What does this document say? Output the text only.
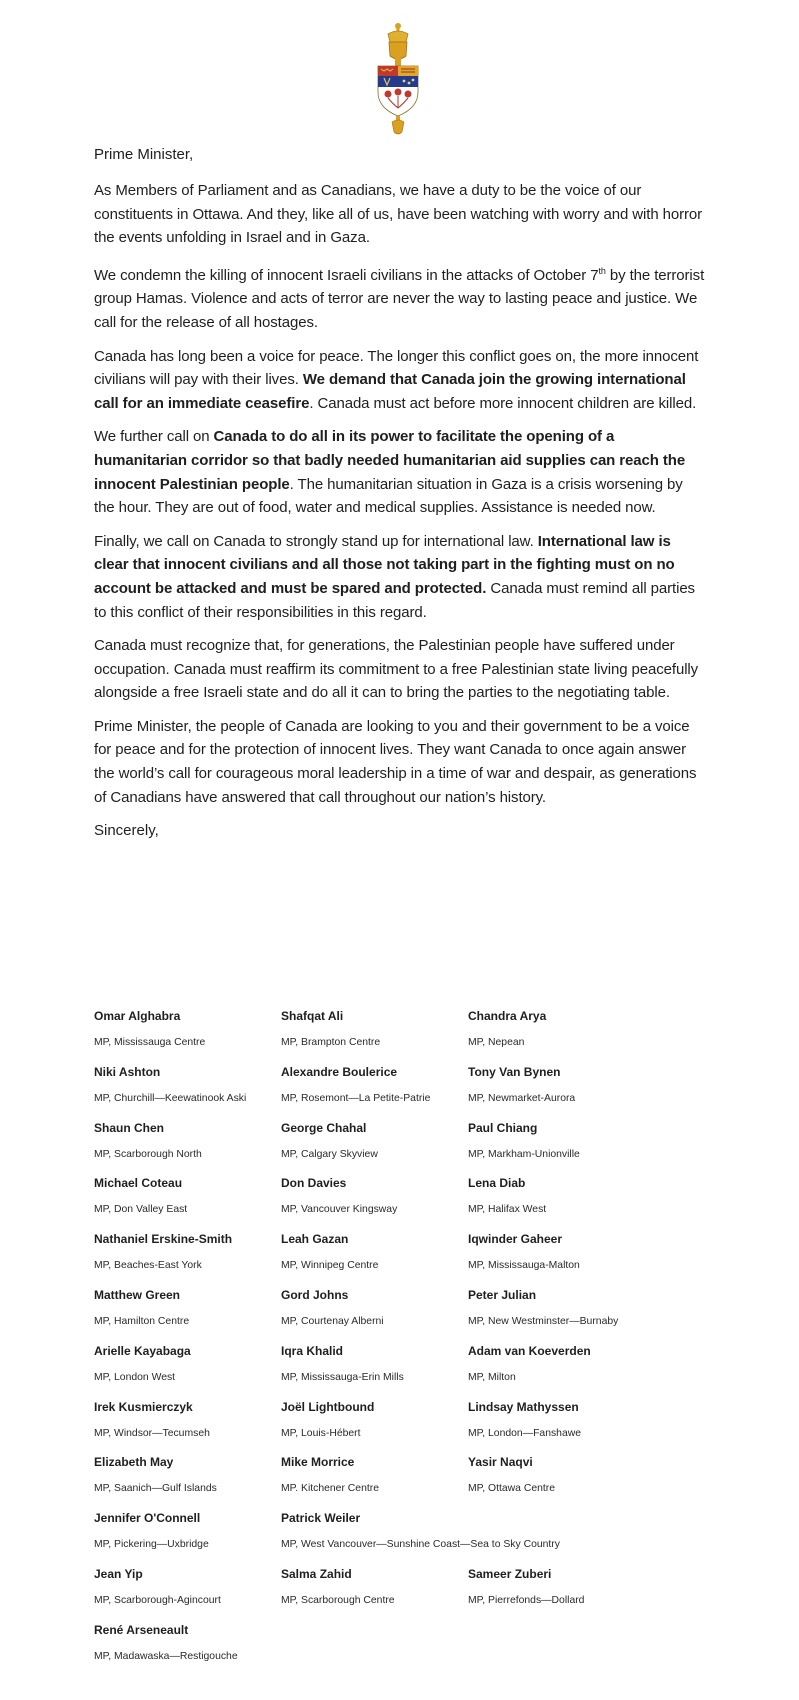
Prime Minister,

As Members of Parliament and as Canadians, we have a duty to be the voice of our constituents in Ottawa. And they, like all of us, have been watching with worry and with horror the events unfolding in Israel and in Gaza.

We condemn the killing of innocent Israeli civilians in the attacks of October 7th by the terrorist group Hamas. Violence and acts of terror are never the way to lasting peace and justice. We call for the release of all hostages.

Canada has long been a voice for peace. The longer this conflict goes on, the more innocent civilians will pay with their lives. We demand that Canada join the growing international call for an immediate ceasefire. Canada must act before more innocent children are killed.

We further call on Canada to do all in its power to facilitate the opening of a humanitarian corridor so that badly needed humanitarian aid supplies can reach the innocent Palestinian people. The humanitarian situation in Gaza is a crisis worsening by the hour. They are out of food, water and medical supplies. Assistance is needed now.

Finally, we call on Canada to strongly stand up for international law. International law is clear that innocent civilians and all those not taking part in the fighting must on no account be attacked and must be spared and protected. Canada must remind all parties to this conflict of their responsibilities in this regard.

Canada must recognize that, for generations, the Palestinian people have suffered under occupation. Canada must reaffirm its commitment to a free Palestinian state living peacefully alongside a free Israeli state and do all it can to bring the parties to the negotiating table.

Prime Minister, the people of Canada are looking to you and their government to be a voice for peace and for the protection of innocent lives. They want Canada to once again answer the world’s call for courageous moral leadership in a time of war and despair, as generations of Canadians have answered that call throughout our nation’s history.

Sincerely,

Omar Alghabra
MP, Mississauga Centre
Shafqat Ali
MP, Brampton Centre
Chandra Arya
MP, Nepean
Niki Ashton
MP, Churchill—Keewatinook Aski
Alexandre Boulerice
MP, Rosemont—La Petite-Patrie
Tony Van Bynen
MP, Newmarket-Aurora
Shaun Chen
MP, Scarborough North
George Chahal
MP, Calgary Skyview
Paul Chiang
MP, Markham-Unionville
Michael Coteau
MP, Don Valley East
Don Davies
MP, Vancouver Kingsway
Lena Diab
MP, Halifax West
Nathaniel Erskine-Smith
MP, Beaches-East York
Leah Gazan
MP, Winnipeg Centre
Iqwinder Gaheer
MP, Mississauga-Malton
Matthew Green
MP, Hamilton Centre
Gord Johns
MP, Courtenay Alberni
Peter Julian
MP, New Westminster—Burnaby
Arielle Kayabaga
MP, London West
Iqra Khalid
MP, Mississauga-Erin Mills
Adam van Koeverden
MP, Milton
Irek Kusmierczyk
MP, Windsor—Tecumseh
Joël Lightbound
MP, Louis-Hébert
Lindsay Mathyssen
MP, London—Fanshawe
Elizabeth May
MP, Saanich—Gulf Islands
Mike Morrice
MP. Kitchener Centre
Yasir Naqvi
MP, Ottawa Centre
Jennifer O'Connell
MP, Pickering—Uxbridge
Patrick Weiler
MP, West Vancouver—Sunshine Coast—Sea to Sky Country
Jean Yip
MP, Scarborough-Agincourt
Salma Zahid
MP, Scarborough Centre
Sameer Zuberi
MP, Pierrefonds—Dollard
René Arseneault
MP, Madawaska—Restigouche
